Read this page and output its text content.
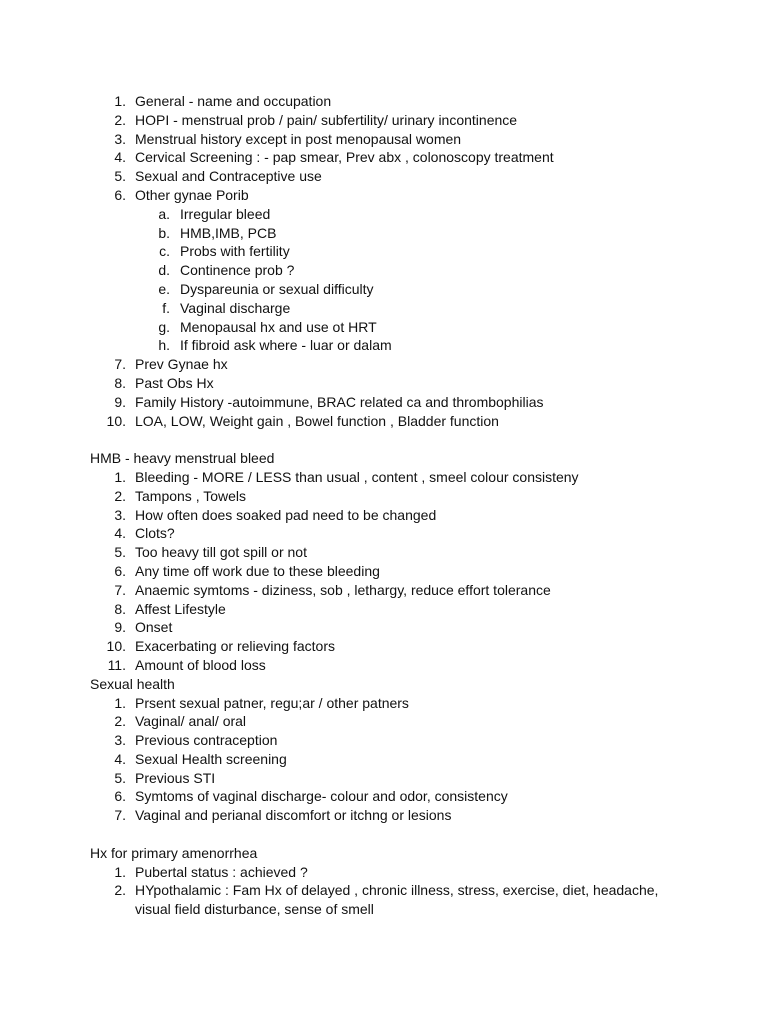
1. General - name and occupation
2. HOPI - menstrual prob / pain/ subfertility/ urinary incontinence
3. Menstrual history except in post menopausal women
4. Cervical Screening : - pap smear, Prev abx , colonoscopy treatment
5. Sexual and Contraceptive use
6. Other gynae Porib
a. Irregular bleed
b. HMB,IMB, PCB
c. Probs with fertility
d. Continence prob ?
e. Dyspareunia or sexual difficulty
f. Vaginal discharge
g. Menopausal hx and use ot HRT
h. If fibroid ask where - luar or dalam
7. Prev Gynae hx
8. Past Obs Hx
9. Family History -autoimmune, BRAC related ca and thrombophilias
10. LOA, LOW, Weight gain , Bowel function , Bladder function
HMB - heavy menstrual bleed
1. Bleeding - MORE / LESS than usual , content , smeel colour consisteny
2. Tampons , Towels
3. How often does soaked pad need to be changed
4. Clots?
5. Too heavy till got spill or not
6. Any time off work due to these bleeding
7. Anaemic symtoms - diziness, sob , lethargy, reduce effort tolerance
8. Affest Lifestyle
9. Onset
10. Exacerbating or relieving factors
11. Amount of blood loss
Sexual health
1. Prsent sexual patner, regu;ar / other patners
2. Vaginal/ anal/ oral
3. Previous contraception
4. Sexual Health screening
5. Previous STI
6. Symtoms of vaginal discharge- colour and odor, consistency
7. Vaginal and perianal discomfort or itchng or lesions
Hx for primary amenorrhea
1. Pubertal status : achieved ?
2. HYpothalamic : Fam Hx of delayed , chronic illness, stress, exercise, diet, headache,
visual field disturbance, sense of smell
